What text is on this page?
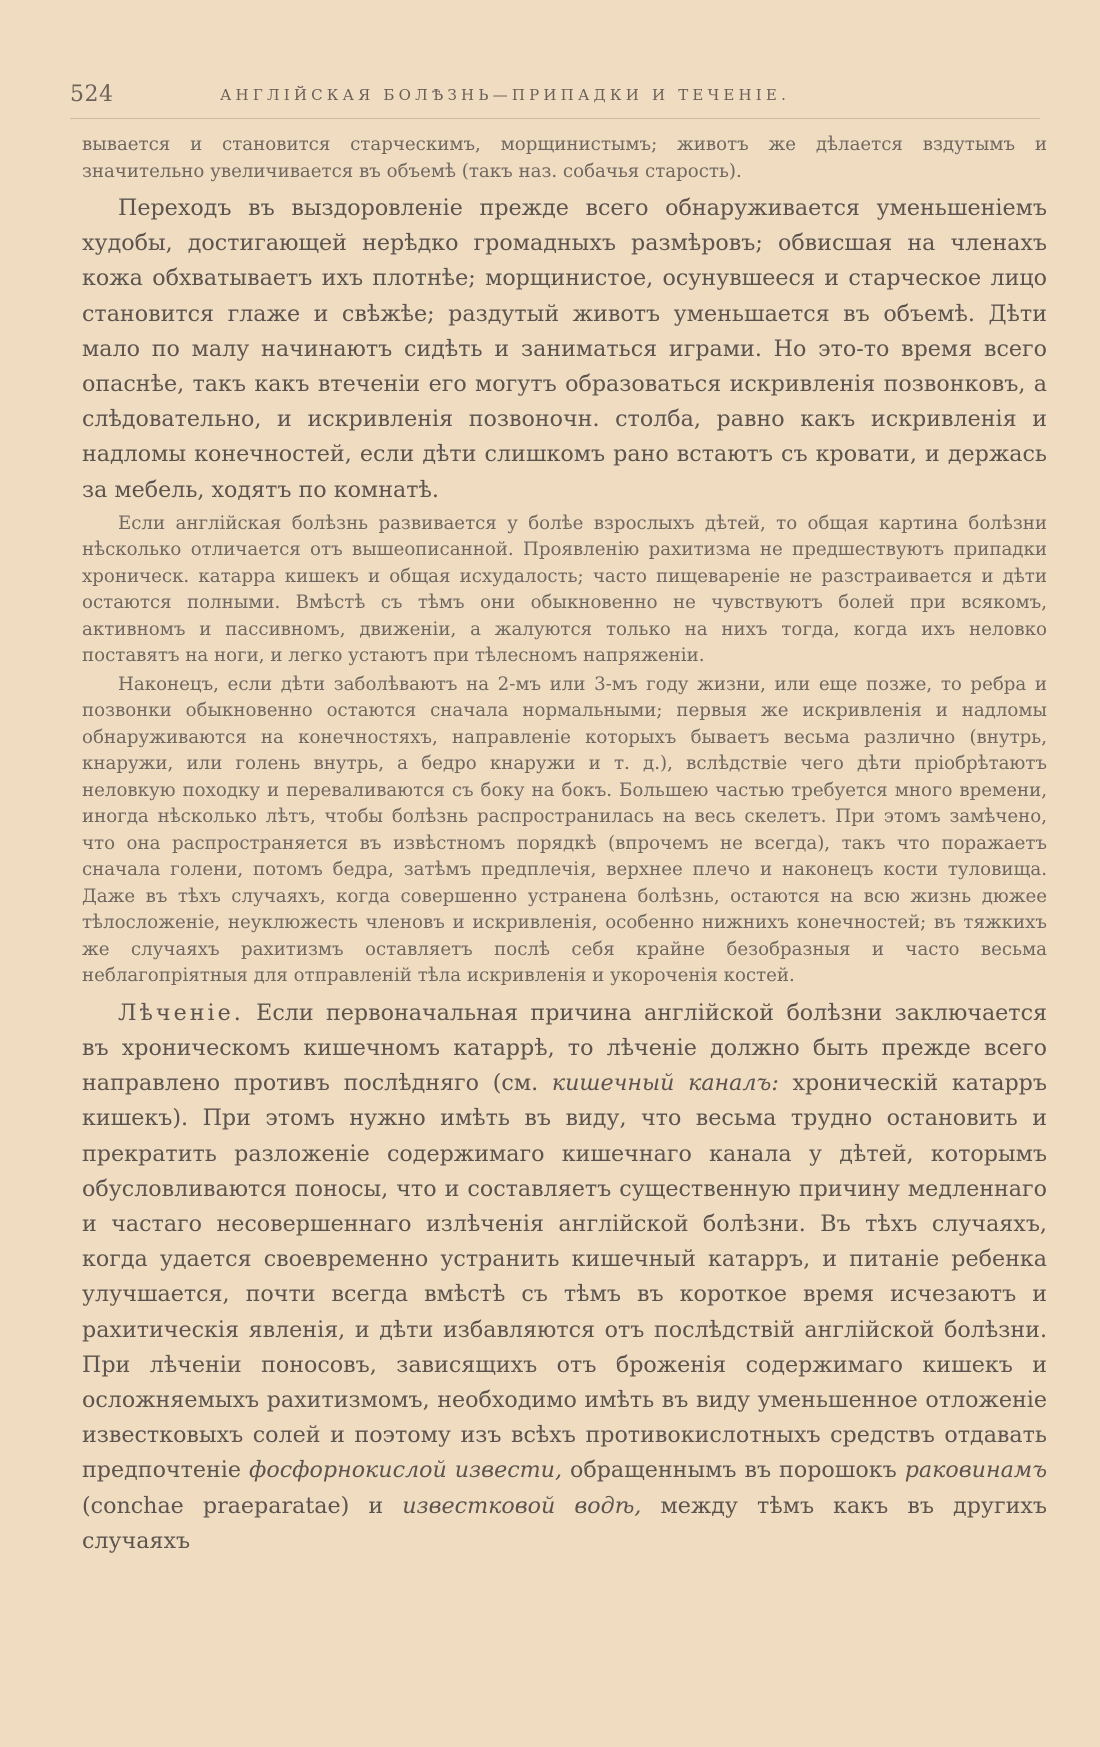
524	АНГЛІЙСКАЯ БОЛѢЗНЬ—ПРИПАДКИ И ТЕЧЕНІЕ.

вывается и становится старческимъ, морщинистымъ; животъ же дѣлается вздутымъ и значительно увеличивается въ объемѣ (такъ наз. собачья старость).

Переходъ въ выздоровленіе прежде всего обнаруживается уменьшеніемъ худобы, достигающей нерѣдко громадныхъ размѣровъ; обвисшая на членахъ кожа обхватываетъ ихъ плотнѣе; морщинистое, осунувшееся и старческое лицо становится глаже и свѣжѣе; раздутый животъ уменьшается въ объемѣ. Дѣти мало по малу начинаютъ сидѣть и заниматься играми. Но это-то время всего опаснѣе, такъ какъ втеченіи его могутъ образоваться искривленія позвонковъ, а слѣдовательно, и искривленія позвоночн. столба, равно какъ искривленія и надломы конечностей, если дѣти слишкомъ рано встаютъ съ кровати, и держась за мебель, ходятъ по комнатѣ.

Если англійская болѣзнь развивается у болѣе взрослыхъ дѣтей, то общая картина болѣзни нѣсколько отличается отъ вышеописанной. Проявленію рахитизма не предшествуютъ припадки хроническ. катарра кишекъ и общая исхудалость; часто пищевареніе не разстраивается и дѣти остаются полными. Вмѣстѣ съ тѣмъ они обыкновенно не чувствуютъ болей при всякомъ, активномъ и пассивномъ, движеніи, а жалуются только на нихъ тогда, когда ихъ неловко поставятъ на ноги, и легко устаютъ при тѣлесномъ напряженіи.

Наконецъ, если дѣти заболѣваютъ на 2-мъ или 3-мъ году жизни, или еще позже, то ребра и позвонки обыкновенно остаются сначала нормальными; первыя же искривленія и надломы обнаруживаются на конечностяхъ, направленіе которыхъ бываетъ весьма различно (внутрь, кнаружи, или голень внутрь, а бедро кнаружи и т. д.), вслѣдствіе чего дѣти пріобрѣтаютъ неловкую походку и переваливаются съ боку на бокъ. Большею частью требуется много времени, иногда нѣсколько лѣтъ, чтобы болѣзнь распространилась на весь скелетъ. При этомъ замѣчено, что она распространяется въ извѣстномъ порядкѣ (впрочемъ не всегда), такъ что поражаетъ сначала голени, потомъ бедра, затѣмъ предплечія, верхнее плечо и наконецъ кости туловища. Даже въ тѣхъ случаяхъ, когда совершенно устранена болѣзнь, остаются на всю жизнь дюжее тѣлосложеніе, неуклюжесть членовъ и искривленія, особенно нижнихъ конечностей; въ тяжкихъ же случаяхъ рахитизмъ оставляетъ послѣ себя крайне безобразныя и часто весьма неблагопріятныя для отправленій тѣла искривленія и укороченія костей.

Лѣченіе. Если первоначальная причина англійской болѣзни заключается въ хроническомъ кишечномъ катаррѣ, то лѣченіе должно быть прежде всего направлено противъ послѣдняго (см. кишечный каналъ: хроническій катарръ кишекъ). При этомъ нужно имѣть въ виду, что весьма трудно остановить и прекратить разложеніе содержимаго кишечнаго канала у дѣтей, которымъ обусловливаются поносы, что и составляетъ существенную причину медленнаго и частаго несовершеннаго излѣченія англійской болѣзни. Въ тѣхъ случаяхъ, когда удается своевременно устранить кишечный катарръ, и питаніе ребенка улучшается, почти всегда вмѣстѣ съ тѣмъ въ короткое время исчезаютъ и рахитическія явленія, и дѣти избавляются отъ послѣдствій англійской болѣзни. При лѣченіи поносовъ, зависящихъ отъ броженія содержимаго кишекъ и осложняемыхъ рахитизмомъ, необходимо имѣть въ виду уменьшенное отложеніе известковыхъ солей и поэтому изъ всѣхъ противокислотныхъ средствъ отдавать предпочтеніе фосфорнокислой извести, обращеннымъ въ порошокъ раковинамъ (conchae praeparatae) и известковой водѣ, между тѣмъ какъ въ другихъ случаяхъ
